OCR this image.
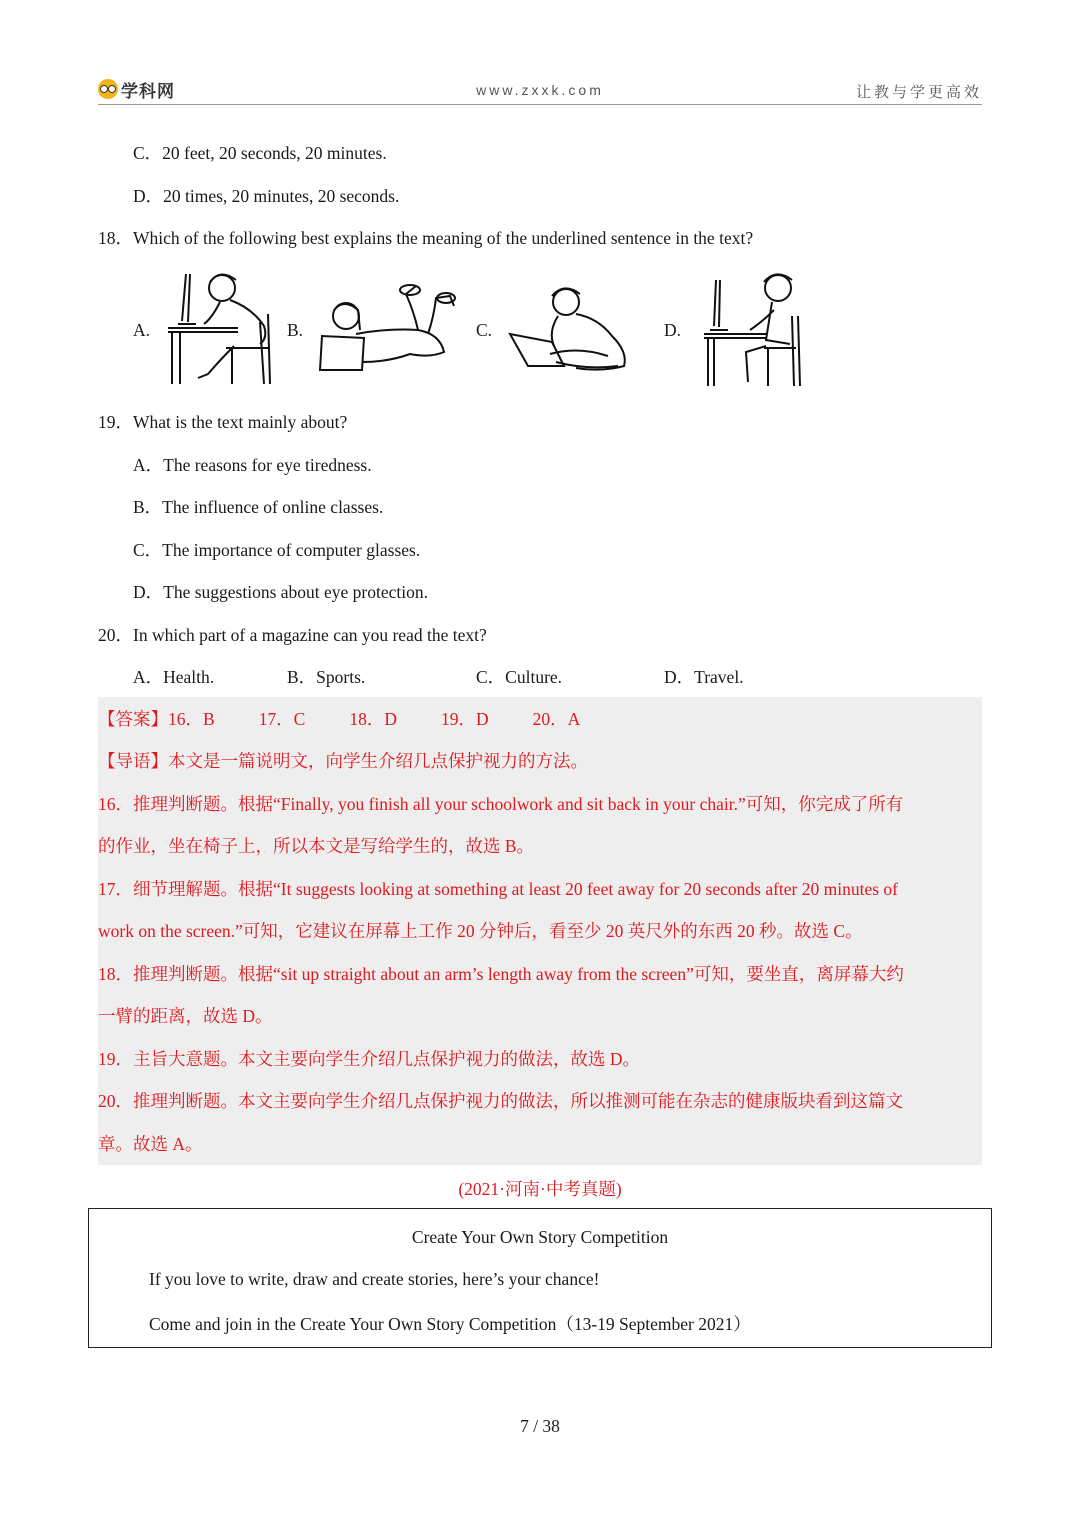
学科网	www.zxxk.com	让教与学更高效
C．20 feet, 20 seconds, 20 minutes.
D．20 times, 20 minutes, 20 seconds.
18．Which of the following best explains the meaning of the underlined sentence in the text?
A.	B.	C.	D.
19．What is the text mainly about?
A．The reasons for eye tiredness.
B．The influence of online classes.
C．The importance of computer glasses.
D．The suggestions about eye protection.
20．In which part of a magazine can you read the text?
A．Health.	B．Sports.	C．Culture.	D．Travel.
【答案】16．B	17．C	18．D	19．D	20．A
【导语】本文是一篇说明文，向学生介绍几点保护视力的方法。
16．推理判断题。根据“Finally, you finish all your schoolwork and sit back in your chair.”可知，你完成了所有
的作业，坐在椅子上，所以本文是写给学生的，故选 B。
17．细节理解题。根据“It suggests looking at something at least 20 feet away for 20 seconds after 20 minutes of
work on the screen.”可知，它建议在屏幕上工作 20 分钟后，看至少 20 英尺外的东西 20 秒。故选 C。
18．推理判断题。根据“sit up straight about an arm’s length away from the screen”可知，要坐直，离屏幕大约
一臂的距离，故选 D。
19．主旨大意题。本文主要向学生介绍几点保护视力的做法，故选 D。
20．推理判断题。本文主要向学生介绍几点保护视力的做法，所以推测可能在杂志的健康版块看到这篇文
章。故选 A。
(2021·河南·中考真题)
Create Your Own Story Competition
If you love to write, draw and create stories, here’s your chance!
Come and join in the Create Your Own Story Competition（13-19 September 2021）
7 / 38
